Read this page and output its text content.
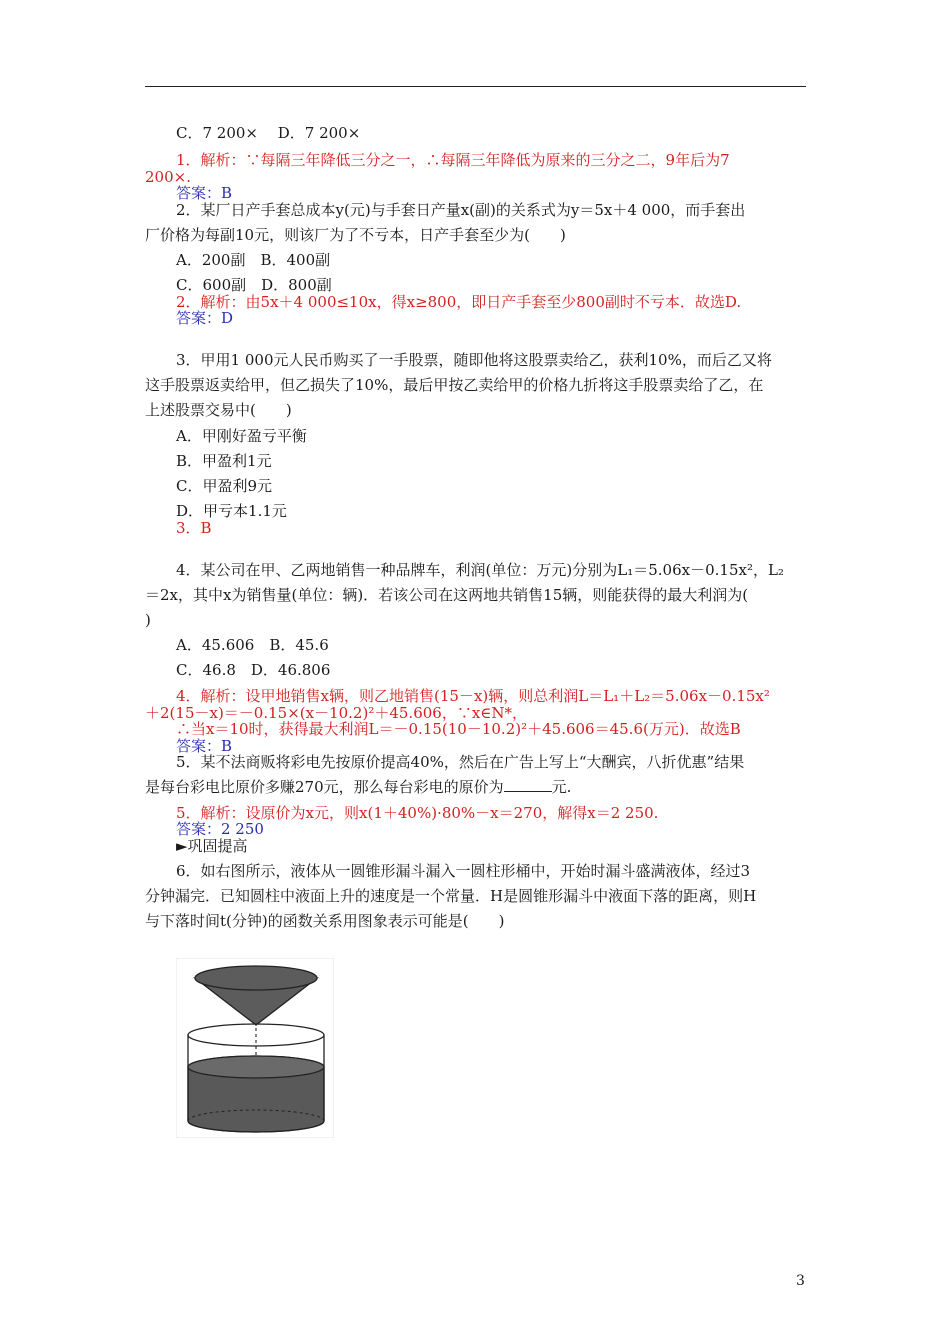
C．7 200×　 D．7 200×
1．解析：∵每隔三年降低三分之一，∴每隔三年降低为原来的三分之二，9年后为7
200×.
答案：B
2．某厂日产手套总成本y(元)与手套日产量x(副)的关系式为y＝5x＋4 000，而手套出
厂价格为每副10元，则该厂为了不亏本，日产手套至少为(　　)
A．200副　B．400副
C．600副　D．800副
2．解析：由5x＋4 000≤10x，得x≥800，即日产手套至少800副时不亏本．故选D.
答案：D
3．甲用1 000元人民币购买了一手股票，随即他将这股票卖给乙，获利10%，而后乙又将
这手股票返卖给甲，但乙损失了10%，最后甲按乙卖给甲的价格九折将这手股票卖给了乙，在
上述股票交易中(　　)
A．甲刚好盈亏平衡
B．甲盈利1元
C．甲盈利9元
D．甲亏本1.1元
3．B
4．某公司在甲、乙两地销售一种品牌车，利润(单位：万元)分别为L₁＝5.06x－0.15x²，L₂
＝2x，其中x为销售量(单位：辆)．若该公司在这两地共销售15辆，则能获得的最大利润为(
)
A．45.606　B．45.6
C．46.8　D．46.806
4．解析：设甲地销售x辆，则乙地销售(15－x)辆，则总利润L＝L₁＋L₂＝5.06x－0.15x²
＋2(15－x)＝－0.15×(x－10.2)²＋45.606，∵x∈N*，
∴当x＝10时，获得最大利润L＝－0.15(10－10.2)²＋45.606＝45.6(万元)．故选B
答案：B
5．某不法商贩将彩电先按原价提高40%，然后在广告上写上“大酬宾，八折优惠”结果
是每台彩电比原价多赚270元，那么每台彩电的原价为	元.
5．解析：设原价为x元，则x(1＋40%)·80%－x＝270，解得x＝2 250.
答案：2 250
►巩固提高
6．如右图所示，液体从一圆锥形漏斗漏入一圆柱形桶中，开始时漏斗盛满液体，经过3
分钟漏完．已知圆柱中液面上升的速度是一个常量．H是圆锥形漏斗中液面下落的距离，则H
与下落时间t(分钟)的函数关系用图象表示可能是(　　)
3
